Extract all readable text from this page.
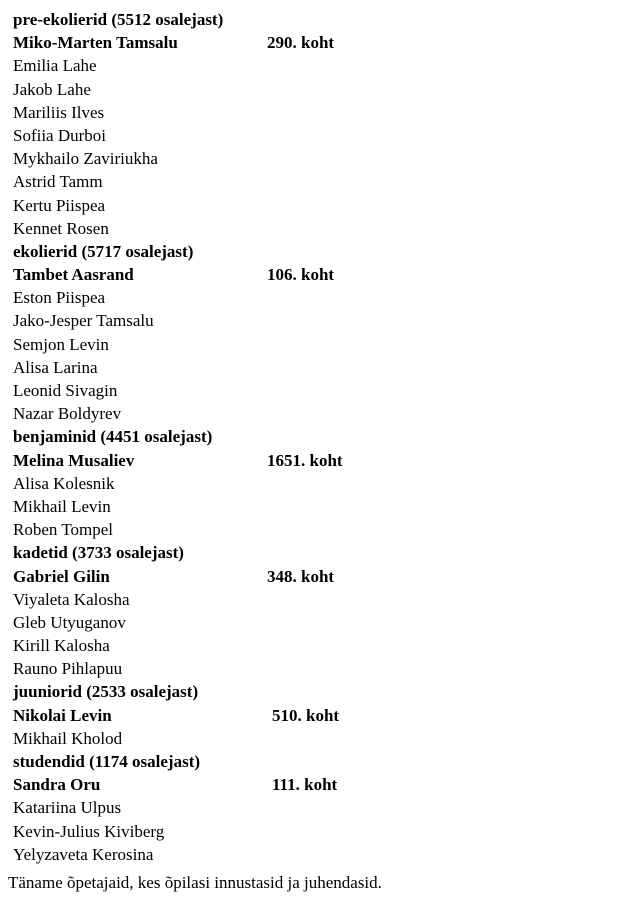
pre-ekolierid (5512 osalejast)
Miko-Marten Tamsalu	290. koht
Emilia Lahe
Jakob Lahe
Mariliis Ilves
Sofiia Durboi
Mykhailo Zaviriukha
Astrid Tamm
Kertu Piispea
Kennet Rosen
ekolierid (5717 osalejast)
Tambet Aasrand	106. koht
Eston Piispea
Jako-Jesper Tamsalu
Semjon Levin
Alisa Larina
Leonid Sivagin
Nazar Boldyrev
benjaminid (4451 osalejast)
Melina Musaliev	1651. koht
Alisa Kolesnik
Mikhail Levin
Roben Tompel
kadetid (3733 osalejast)
Gabriel Gilin	348. koht
Viyaleta Kalosha
Gleb Utyuganov
Kirill Kalosha
Rauno Pihlapuu
juuniorid (2533 osalejast)
Nikolai Levin	510. koht
Mikhail Kholod
studendid (1174 osalejast)
Sandra Oru	111. koht
Katariina Ulpus
Kevin-Julius Kiviberg
Yelyzaveta Kerosina
Täname õpetajaid, kes õpilasi innustasid ja juhendasid.
